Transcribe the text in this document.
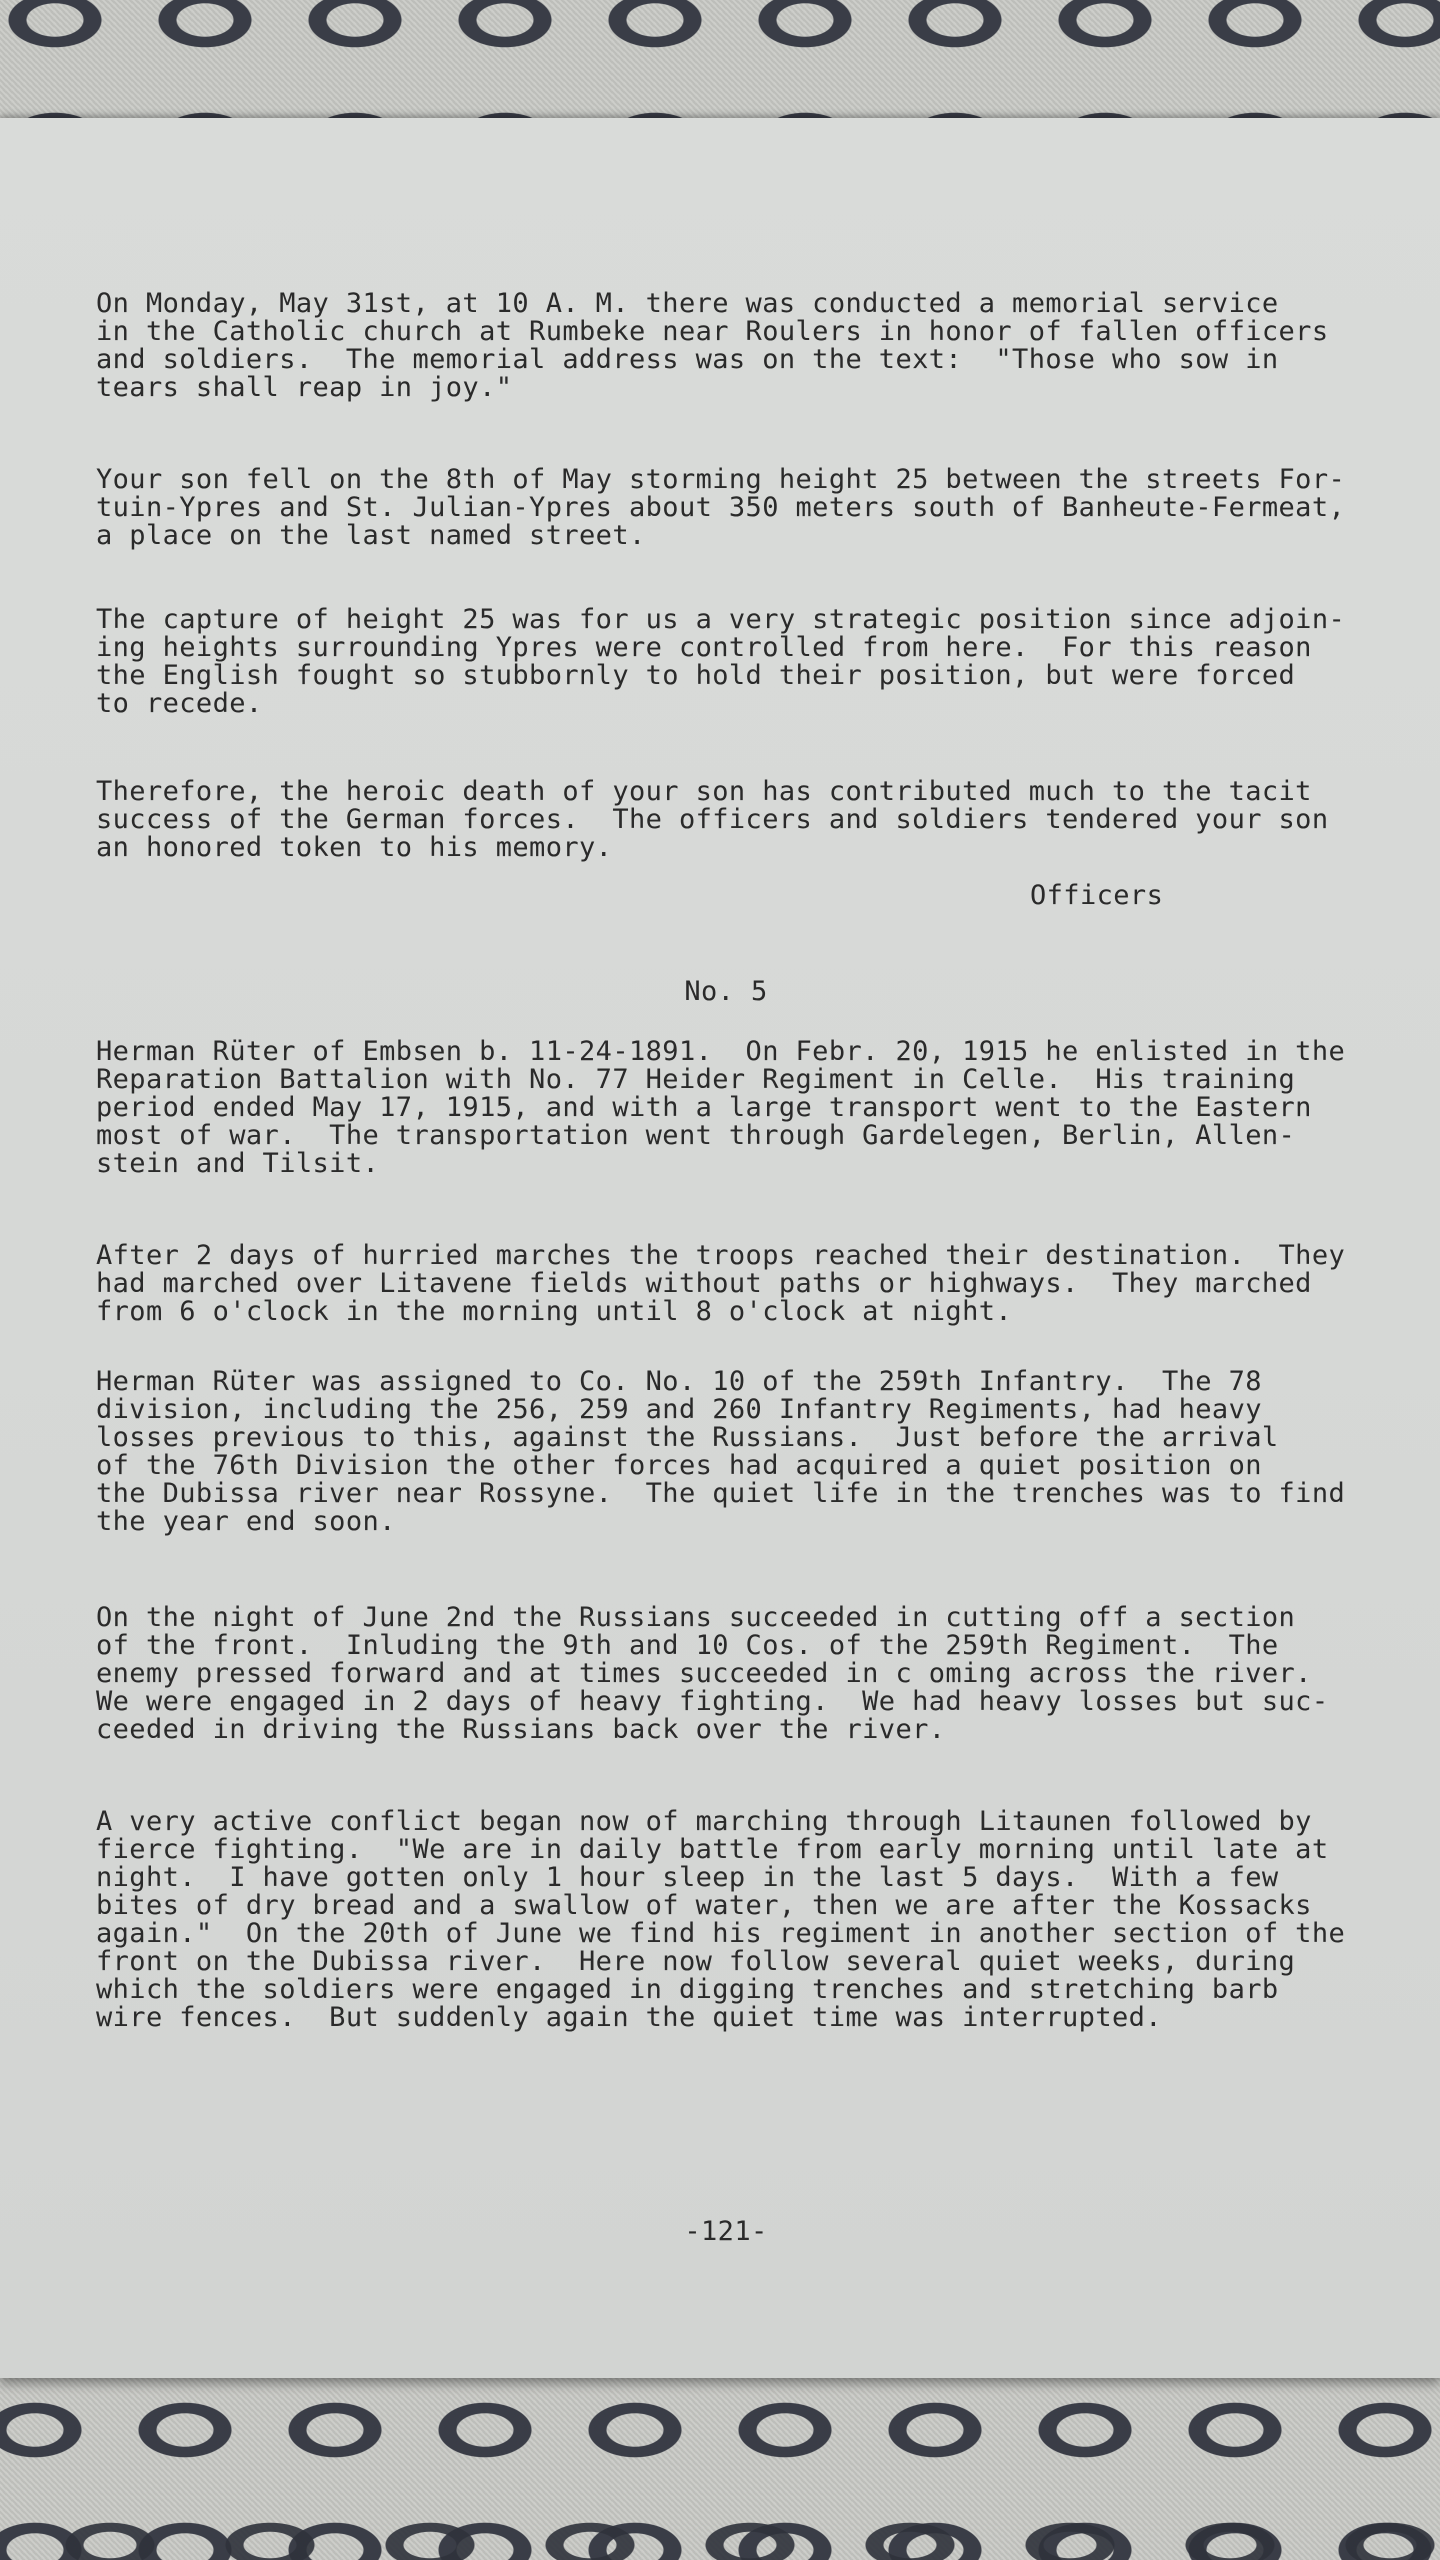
On Monday, May 31st, at 10 A. M. there was conducted a memorial service
in the Catholic church at Rumbeke near Roulers in honor of fallen officers
and soldiers.  The memorial address was on the text:  "Those who sow in
tears shall reap in joy."

Your son fell on the 8th of May storming height 25 between the streets For-
tuin-Ypres and St. Julian-Ypres about 350 meters south of Banheute-Fermeat,
a place on the last named street.

The capture of height 25 was for us a very strategic position since adjoin-
ing heights surrounding Ypres were controlled from here.  For this reason
the English fought so stubbornly to hold their position, but were forced
to recede.

Therefore, the heroic death of your son has contributed much to the tacit
success of the German forces.  The officers and soldiers tendered your son
an honored token to his memory.

Officers

No. 5

Herman Rüter of Embsen b. 11-24-1891.  On Febr. 20, 1915 he enlisted in the
Reparation Battalion with No. 77 Heider Regiment in Celle.  His training
period ended May 17, 1915, and with a large transport went to the Eastern
most of war.  The transportation went through Gardelegen, Berlin, Allen-
stein and Tilsit.

After 2 days of hurried marches the troops reached their destination.  They
had marched over Litavene fields without paths or highways.  They marched
from 6 o'clock in the morning until 8 o'clock at night.

Herman Rüter was assigned to Co. No. 10 of the 259th Infantry.  The 78
division, including the 256, 259 and 260 Infantry Regiments, had heavy
losses previous to this, against the Russians.  Just before the arrival
of the 76th Division the other forces had acquired a quiet position on
the Dubissa river near Rossyne.  The quiet life in the trenches was to find
the year end soon.

On the night of June 2nd the Russians succeeded in cutting off a section
of the front.  Inluding the 9th and 10 Cos. of the 259th Regiment.  The
enemy pressed forward and at times succeeded in c oming across the river.
We were engaged in 2 days of heavy fighting.  We had heavy losses but suc-
ceeded in driving the Russians back over the river.

A very active conflict began now of marching through Litaunen followed by
fierce fighting.  "We are in daily battle from early morning until late at
night.  I have gotten only 1 hour sleep in the last 5 days.  With a few
bites of dry bread and a swallow of water, then we are after the Kossacks
again."  On the 20th of June we find his regiment in another section of the
front on the Dubissa river.  Here now follow several quiet weeks, during
which the soldiers were engaged in digging trenches and stretching barb
wire fences.  But suddenly again the quiet time was interrupted.

-121-
